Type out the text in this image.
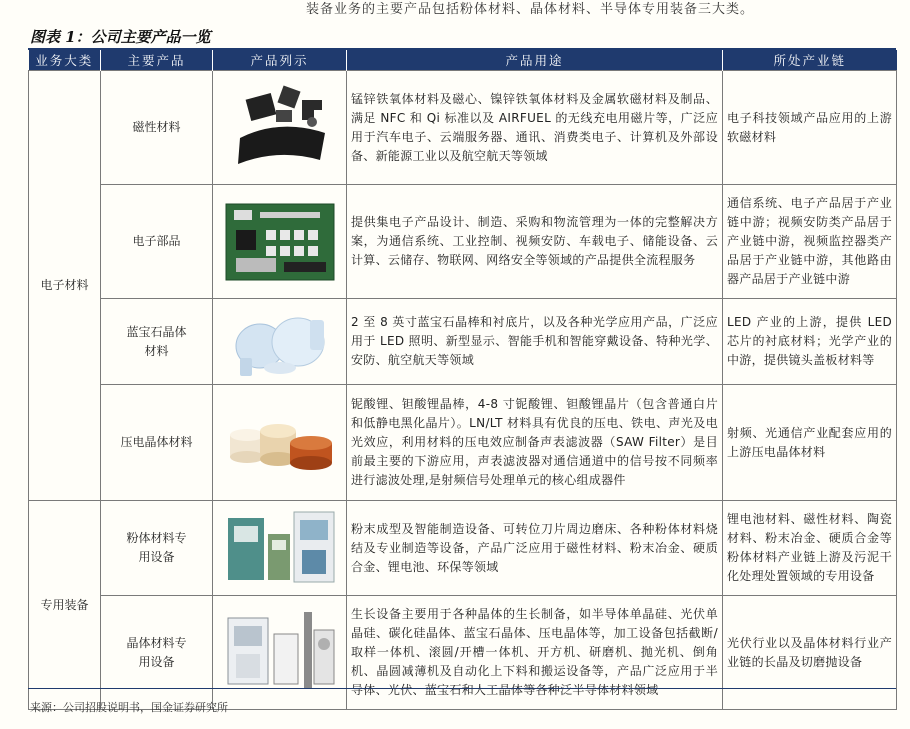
装备业务的主要产品包括粉体材料、晶体材料、半导体专用装备三大类。
图表 1：公司主要产品一览
业务大类	主要产品	产品列示	产品用途	所处产业链
电子材料	磁性材料		锰锌铁氧体材料及磁心、镍锌铁氧体材料及金属软磁材料及制品、满足 NFC 和 Qi 标准以及 AIRFUEL 的无线充电用磁片等，广泛应用于汽车电子、云端服务器、通讯、消费类电子、计算机及外部设备、新能源工业以及航空航天等领域	电子科技领域产品应用的上游软磁材料
	电子部品		提供集电子产品设计、制造、采购和物流管理为一体的完整解决方案，为通信系统、工业控制、视频安防、车载电子、储能设备、云计算、云储存、物联网、网络安全等领域的产品提供全流程服务	通信系统、电子产品居于产业链中游；视频安防类产品居于产业链中游，视频监控器类产品居于产业链中游，其他路由器产品居于产业链中游
	蓝宝石晶体材料		2 至 8 英寸蓝宝石晶棒和衬底片，以及各种光学应用产品，广泛应用于 LED 照明、新型显示、智能手机和智能穿戴设备、特种光学、安防、航空航天等领域	LED 产业的上游，提供 LED 芯片的衬底材料；光学产业的中游，提供镜头盖板材料等
	压电晶体材料		铌酸锂、钽酸锂晶棒，4-8 寸铌酸锂、钽酸锂晶片（包含普通白片和低静电黑化晶片）。LN/LT 材料具有优良的压电、铁电、声光及电光效应，利用材料的压电效应制备声表滤波器（SAW Filter）是目前最主要的下游应用，声表滤波器对通信通道中的信号按不同频率进行滤波处理,是射频信号处理单元的核心组成器件	射频、光通信产业配套应用的上游压电晶体材料
专用装备	粉体材料专用设备		粉末成型及智能制造设备、可转位刀片周边磨床、各种粉体材料烧结及专业制造等设备，产品广泛应用于磁性材料、粉末冶金、硬质合金、锂电池、环保等领域	锂电池材料、磁性材料、陶瓷材料、粉末冶金、硬质合金等粉体材料产业链上游及污泥干化处理处置领域的专用设备
	晶体材料专用设备		生长设备主要用于各种晶体的生长制备，如半导体单晶硅、光伏单晶硅、碳化硅晶体、蓝宝石晶体、压电晶体等，加工设备包括截断/取样一体机、滚圆/开槽一体机、开方机、研磨机、抛光机、倒角机、晶圆减薄机及自动化上下料和搬运设备等，产品广泛应用于半导体、光伏、蓝宝石和人工晶体等各种泛半导体材料领域	光伏行业以及晶体材料行业产业链的长晶及切磨抛设备
来源：公司招股说明书，国金证券研究所
